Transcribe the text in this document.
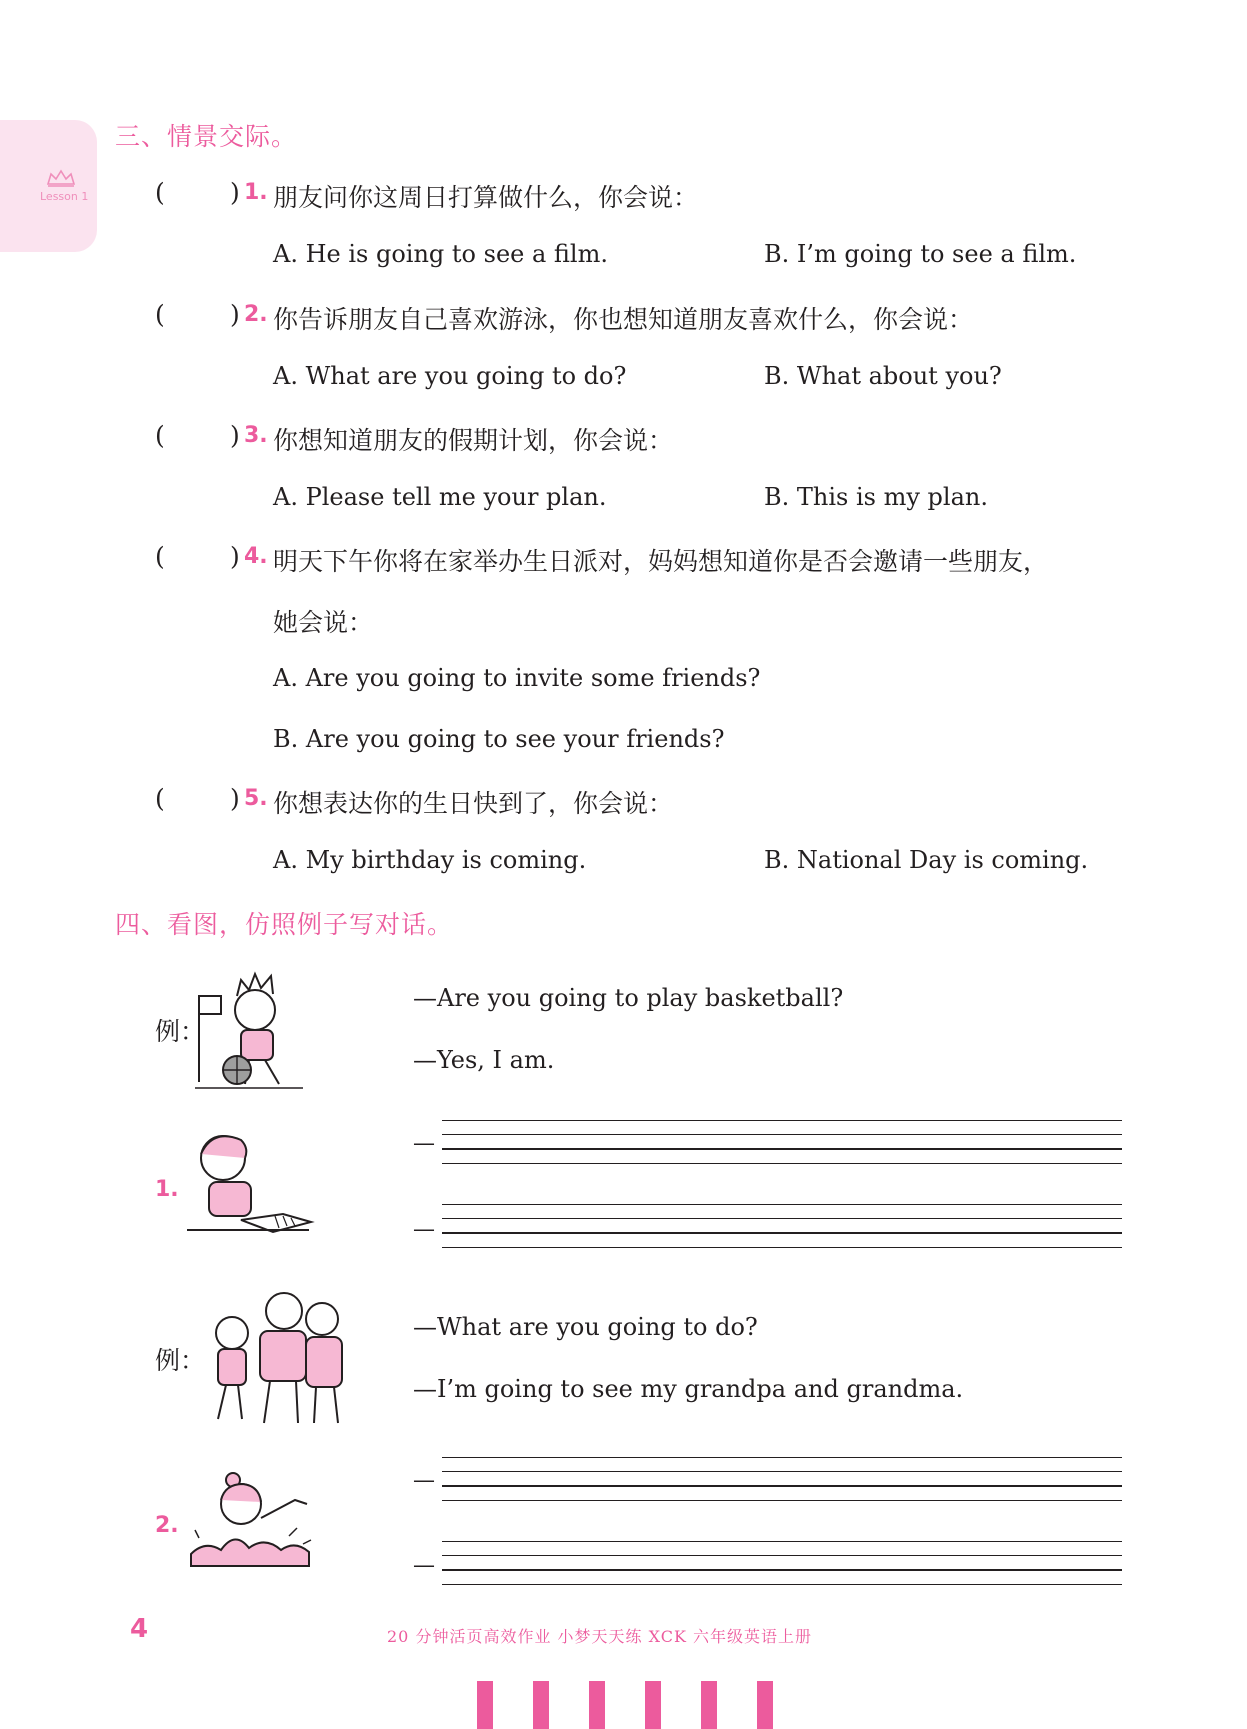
Lesson 1
三、情景交际。
(	) 1. 朋友问你这周日打算做什么，你会说：
A. He is going to see a film.	B. I’m going to see a film.
(	) 2. 你告诉朋友自己喜欢游泳，你也想知道朋友喜欢什么，你会说：
A. What are you going to do?	B. What about you?
(	) 3. 你想知道朋友的假期计划，你会说：
A. Please tell me your plan.	B. This is my plan.
(	) 4. 明天下午你将在家举办生日派对，妈妈想知道你是否会邀请一些朋友，
她会说：
A. Are you going to invite some friends?
B. Are you going to see your friends?
(	) 5. 你想表达你的生日快到了，你会说：
A. My birthday is coming.	B. National Day is coming.
四、看图，仿照例子写对话。
例：
—Are you going to play basketball?
—Yes, I am.
1.
—
—
例：
—What are you going to do?
—I’m going to see my grandpa and grandma.
2.
—
—
4	20 分钟活页高效作业 小梦天天练 XCK 六年级英语上册
